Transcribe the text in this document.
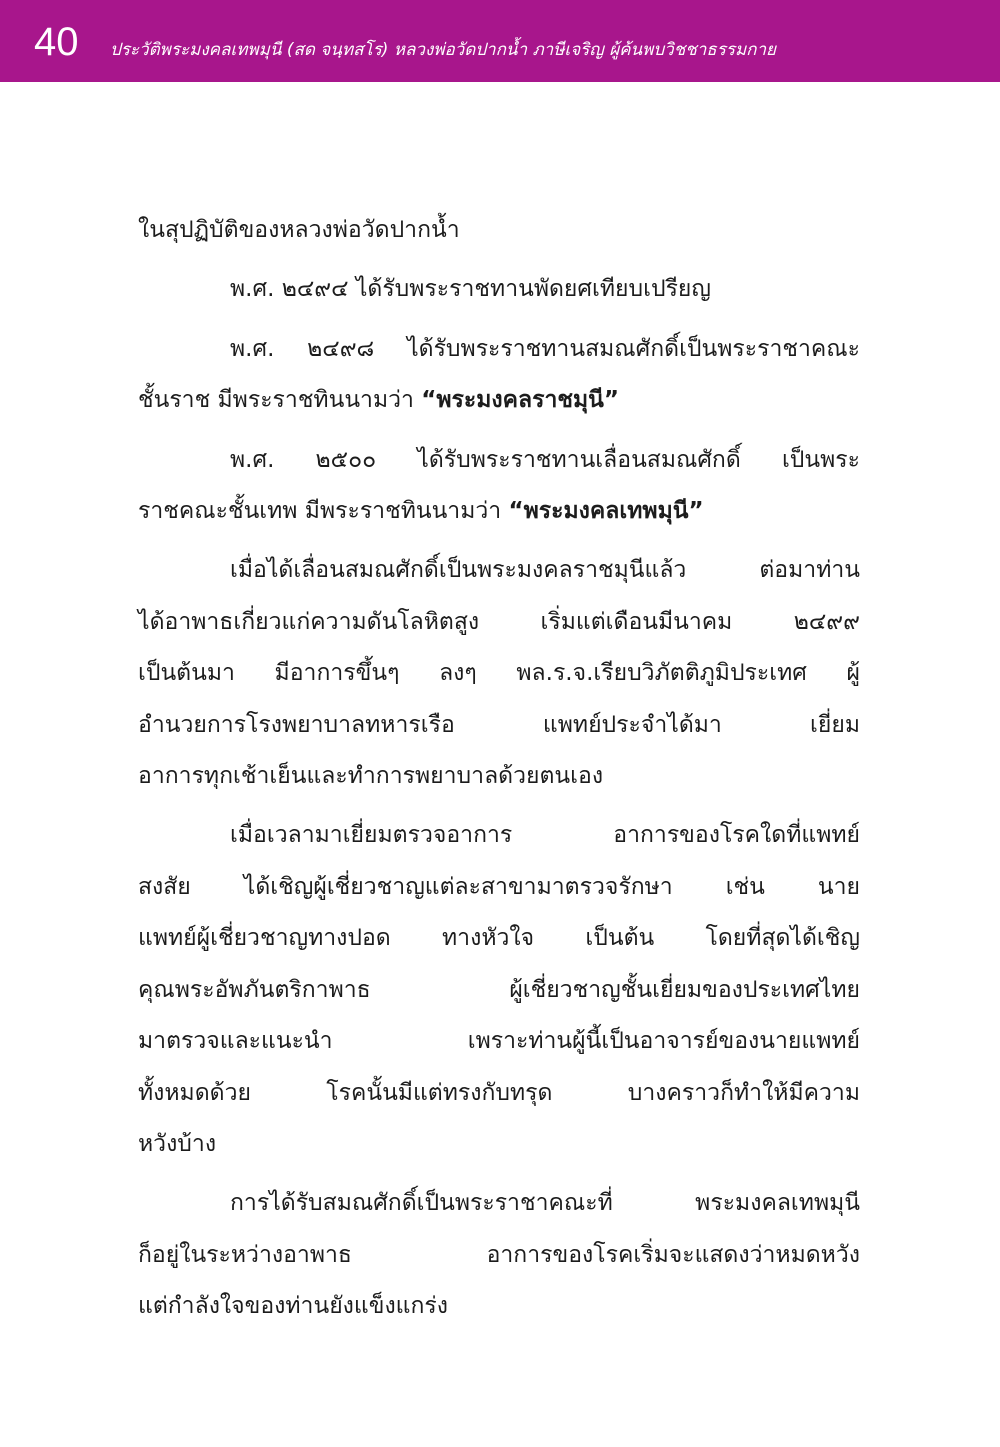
40 ประวัติพระมงคลเทพมุนี (สด จนฺทสโร) หลวงพ่อวัดปากน้ำ ภาษีเจริญ ผู้ค้นพบวิชชาธรรมกาย

ในสุปฏิบัติของหลวงพ่อวัดปากน้ำ

พ.ศ. ๒๔๙๔ ได้รับพระราชทานพัดยศเทียบเปรียญ

พ.ศ. ๒๔๙๘ ได้รับพระราชทานสมณศักดิ์เป็นพระราชาคณะ
ชั้นราช มีพระราชทินนามว่า “พระมงคลราชมุนี”

พ.ศ. ๒๕๐๐ ได้รับพระราชทานเลื่อนสมณศักดิ์ เป็นพระ
ราชคณะชั้นเทพ มีพระราชทินนามว่า “พระมงคลเทพมุนี”

เมื่อได้เลื่อนสมณศักดิ์เป็นพระมงคลราชมุนีแล้ว ต่อมาท่าน
ได้อาพาธเกี่ยวแก่ความดันโลหิตสูง เริ่มแต่เดือนมีนาคม ๒๔๙๙
เป็นต้นมา มีอาการขึ้นๆ ลงๆ พล.ร.จ.เรียบวิภัตติภูมิประเทศ ผู้
อำนวยการโรงพยาบาลทหารเรือ แพทย์ประจำได้มา เยี่ยม
อาการทุกเช้าเย็นและทำการพยาบาลด้วยตนเอง

เมื่อเวลามาเยี่ยมตรวจอาการ อาการของโรคใดที่แพทย์
สงสัย ได้เชิญผู้เชี่ยวชาญแต่ละสาขามาตรวจรักษา เช่น นาย
แพทย์ผู้เชี่ยวชาญทางปอด ทางหัวใจ เป็นต้น โดยที่สุดได้เชิญ
คุณพระอัพภันตริกาพาธ ผู้เชี่ยวชาญชั้นเยี่ยมของประเทศไทย
มาตรวจและแนะนำ เพราะท่านผู้นี้เป็นอาจารย์ของนายแพทย์
ทั้งหมดด้วย โรคนั้นมีแต่ทรงกับทรุด บางคราวก็ทำให้มีความ
หวังบ้าง

การได้รับสมณศักดิ์เป็นพระราชาคณะที่ พระมงคลเทพมุนี
ก็อยู่ในระหว่างอาพาธ อาการของโรคเริ่มจะแสดงว่าหมดหวัง
แต่กำลังใจของท่านยังแข็งแกร่ง
